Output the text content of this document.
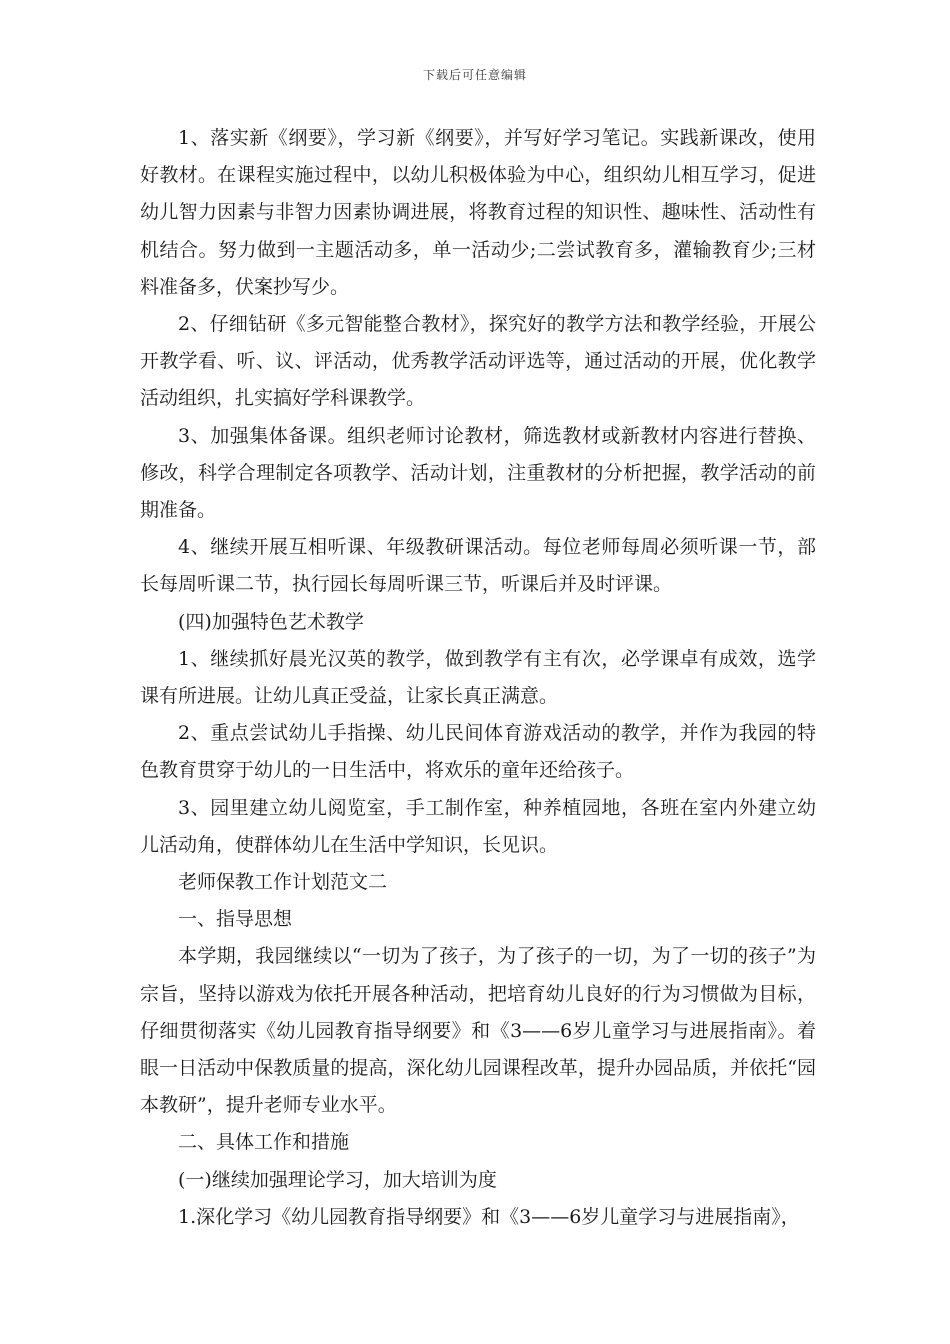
下载后可任意编辑

1、落实新《纲要》，学习新《纲要》，并写好学习笔记。实践新课改，使用好教材。在课程实施过程中，以幼儿积极体验为中心，组织幼儿相互学习，促进幼儿智力因素与非智力因素协调进展，将教育过程的知识性、趣味性、活动性有机结合。努力做到一主题活动多，单一活动少;二尝试教育多，灌输教育少;三材料准备多，伏案抄写少。

2、仔细钻研《多元智能整合教材》，探究好的教学方法和教学经验，开展公开教学看、听、议、评活动，优秀教学活动评选等，通过活动的开展，优化教学活动组织，扎实搞好学科课教学。

3、加强集体备课。组织老师讨论教材，筛选教材或新教材内容进行替换、修改，科学合理制定各项教学、活动计划，注重教材的分析把握，教学活动的前期准备。

4、继续开展互相听课、年级教研课活动。每位老师每周必须听课一节，部长每周听课二节，执行园长每周听课三节，听课后并及时评课。

(四)加强特色艺术教学

1、继续抓好晨光汉英的教学，做到教学有主有次，必学课卓有成效，选学课有所进展。让幼儿真正受益，让家长真正满意。

2、重点尝试幼儿手指操、幼儿民间体育游戏活动的教学，并作为我园的特色教育贯穿于幼儿的一日生活中，将欢乐的童年还给孩子。

3、园里建立幼儿阅览室，手工制作室，种养植园地，各班在室内外建立幼儿活动角，使群体幼儿在生活中学知识，长见识。

老师保教工作计划范文二

一、指导思想

本学期，我园继续以“一切为了孩子，为了孩子的一切，为了一切的孩子”为宗旨，坚持以游戏为依托开展各种活动，把培育幼儿良好的行为习惯做为目标，仔细贯彻落实《幼儿园教育指导纲要》和《3——6岁儿童学习与进展指南》。着眼一日活动中保教质量的提高，深化幼儿园课程改革，提升办园品质，并依托“园本教研”，提升老师专业水平。

二、具体工作和措施

(一)继续加强理论学习，加大培训为度

1.深化学习《幼儿园教育指导纲要》和《3——6岁儿童学习与进展指南》，
